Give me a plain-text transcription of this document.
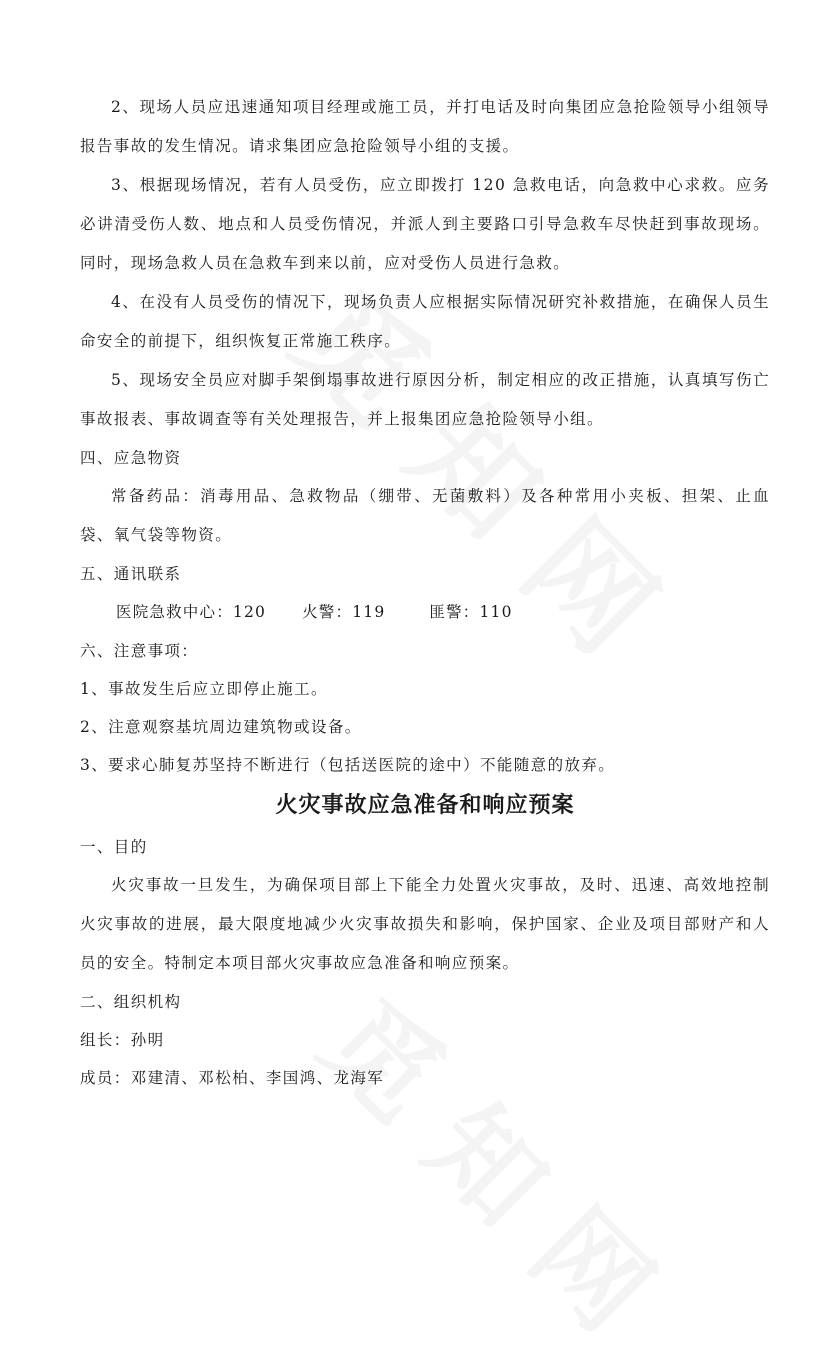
2、现场人员应迅速通知项目经理或施工员，并打电话及时向集团应急抢险领导小组领导报告事故的发生情况。请求集团应急抢险领导小组的支援。

3、根据现场情况，若有人员受伤，应立即拨打 120 急救电话，向急救中心求救。应务必讲清受伤人数、地点和人员受伤情况，并派人到主要路口引导急救车尽快赶到事故现场。同时，现场急救人员在急救车到来以前，应对受伤人员进行急救。

4、在没有人员受伤的情况下，现场负责人应根据实际情况研究补救措施，在确保人员生命安全的前提下，组织恢复正常施工秩序。

5、现场安全员应对脚手架倒塌事故进行原因分析，制定相应的改正措施，认真填写伤亡事故报表、事故调查等有关处理报告，并上报集团应急抢险领导小组。

四、应急物资

常备药品：消毒用品、急救物品（绷带、无菌敷料）及各种常用小夹板、担架、止血袋、氧气袋等物资。

五、通讯联系

医院急救中心：120 火警：119	匪警：110

六、注意事项：

1、事故发生后应立即停止施工。

2、注意观察基坑周边建筑物或设备。

3、要求心肺复苏坚持不断进行（包括送医院的途中）不能随意的放弃。

火灾事故应急准备和响应预案

一、目的

火灾事故一旦发生，为确保项目部上下能全力处置火灾事故，及时、迅速、高效地控制火灾事故的进展，最大限度地减少火灾事故损失和影响，保护国家、企业及项目部财产和人员的安全。特制定本项目部火灾事故应急准备和响应预案。

二、组织机构

组长：孙明

成员：邓建清、邓松柏、李国鸿、龙海军
